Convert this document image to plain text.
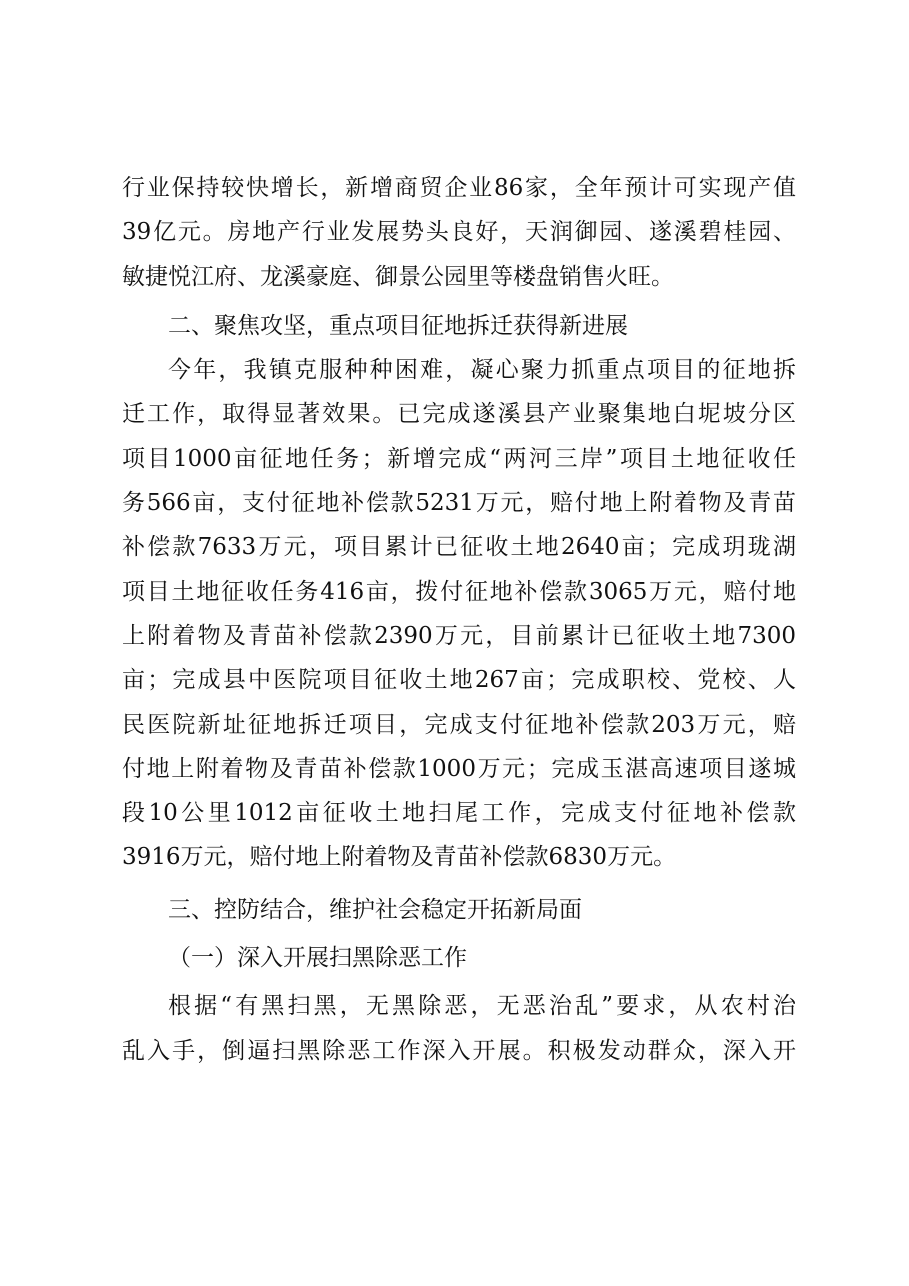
行业保持较快增长，新增商贸企业86家，全年预计可实现产值
39亿元。房地产行业发展势头良好，天润御园、遂溪碧桂园、
敏捷悦江府、龙溪豪庭、御景公园里等楼盘销售火旺。
二、聚焦攻坚，重点项目征地拆迁获得新进展
今年，我镇克服种种困难，凝心聚力抓重点项目的征地拆
迁工作，取得显著效果。已完成遂溪县产业聚集地白坭坡分区
项目1000亩征地任务；新增完成“两河三岸”项目土地征收任
务566亩，支付征地补偿款5231万元，赔付地上附着物及青苗
补偿款7633万元，项目累计已征收土地2640亩；完成玥珑湖
项目土地征收任务416亩，拨付征地补偿款3065万元，赔付地
上附着物及青苗补偿款2390万元，目前累计已征收土地7300
亩；完成县中医院项目征收土地267亩；完成职校、党校、人
民医院新址征地拆迁项目，完成支付征地补偿款203万元，赔
付地上附着物及青苗补偿款1000万元；完成玉湛高速项目遂城
段10公里1012亩征收土地扫尾工作，完成支付征地补偿款
3916万元，赔付地上附着物及青苗补偿款6830万元。
三、控防结合，维护社会稳定开拓新局面
（一）深入开展扫黑除恶工作
根据“有黑扫黑，无黑除恶，无恶治乱”要求，从农村治
乱入手，倒逼扫黑除恶工作深入开展。积极发动群众，深入开
